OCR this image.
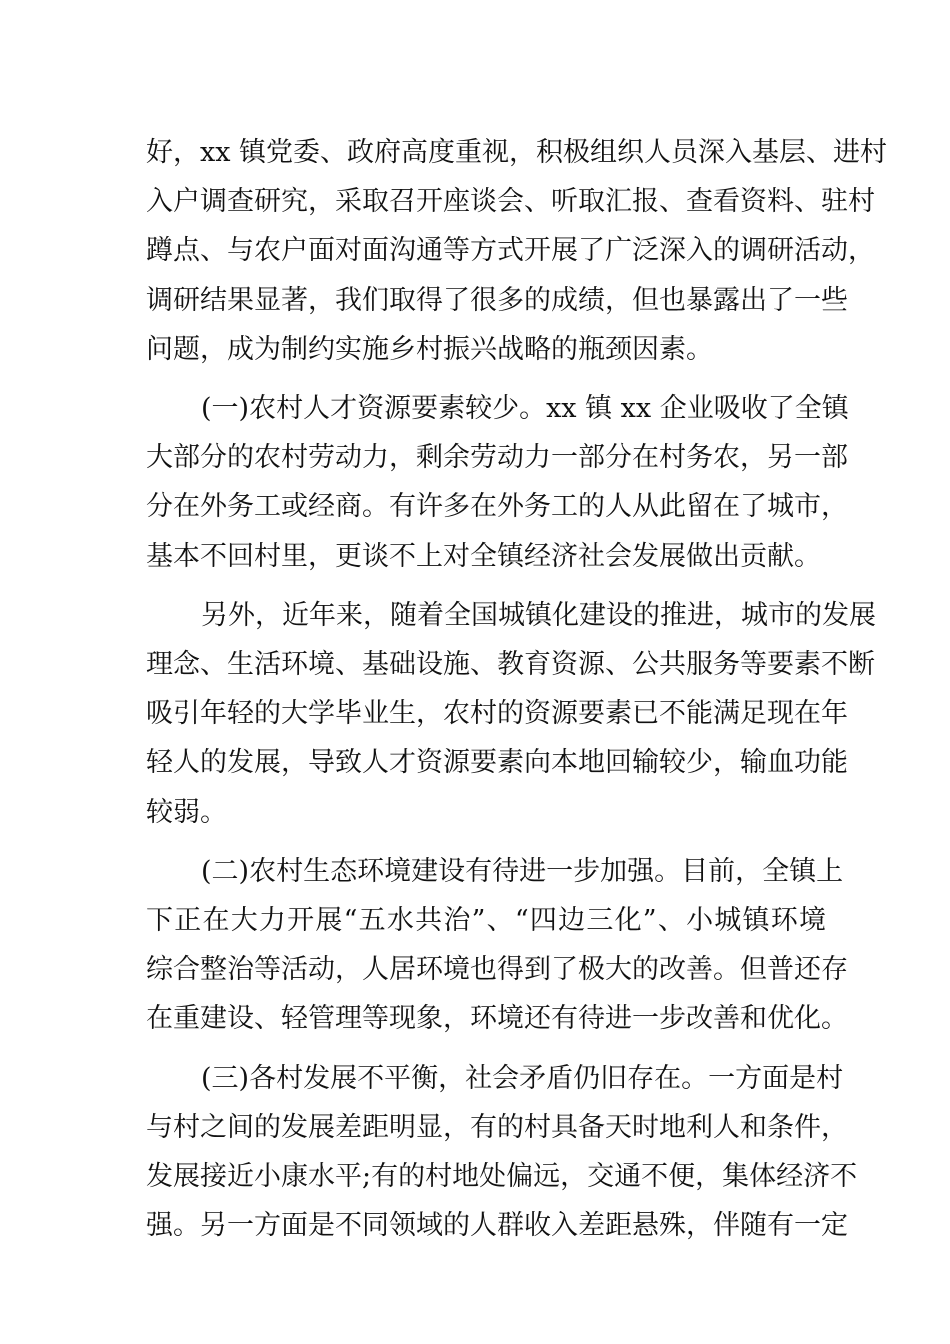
好，xx 镇党委、政府高度重视，积极组织人员深入基层、进村
入户调查研究，采取召开座谈会、听取汇报、查看资料、驻村
蹲点、与农户面对面沟通等方式开展了广泛深入的调研活动，
调研结果显著，我们取得了很多的成绩，但也暴露出了一些
问题，成为制约实施乡村振兴战略的瓶颈因素。

(一)农村人才资源要素较少。xx 镇 xx 企业吸收了全镇
大部分的农村劳动力，剩余劳动力一部分在村务农，另一部
分在外务工或经商。有许多在外务工的人从此留在了城市，
基本不回村里，更谈不上对全镇经济社会发展做出贡献。

另外，近年来，随着全国城镇化建设的推进，城市的发展
理念、生活环境、基础设施、教育资源、公共服务等要素不断
吸引年轻的大学毕业生，农村的资源要素已不能满足现在年
轻人的发展，导致人才资源要素向本地回输较少，输血功能
较弱。

(二)农村生态环境建设有待进一步加强。目前，全镇上
下正在大力开展“五水共治”、“四边三化”、小城镇环境
综合整治等活动，人居环境也得到了极大的改善。但普还存
在重建设、轻管理等现象，环境还有待进一步改善和优化。

(三)各村发展不平衡，社会矛盾仍旧存在。一方面是村
与村之间的发展差距明显，有的村具备天时地利人和条件，
发展接近小康水平;有的村地处偏远，交通不便，集体经济不
强。另一方面是不同领域的人群收入差距悬殊，伴随有一定
